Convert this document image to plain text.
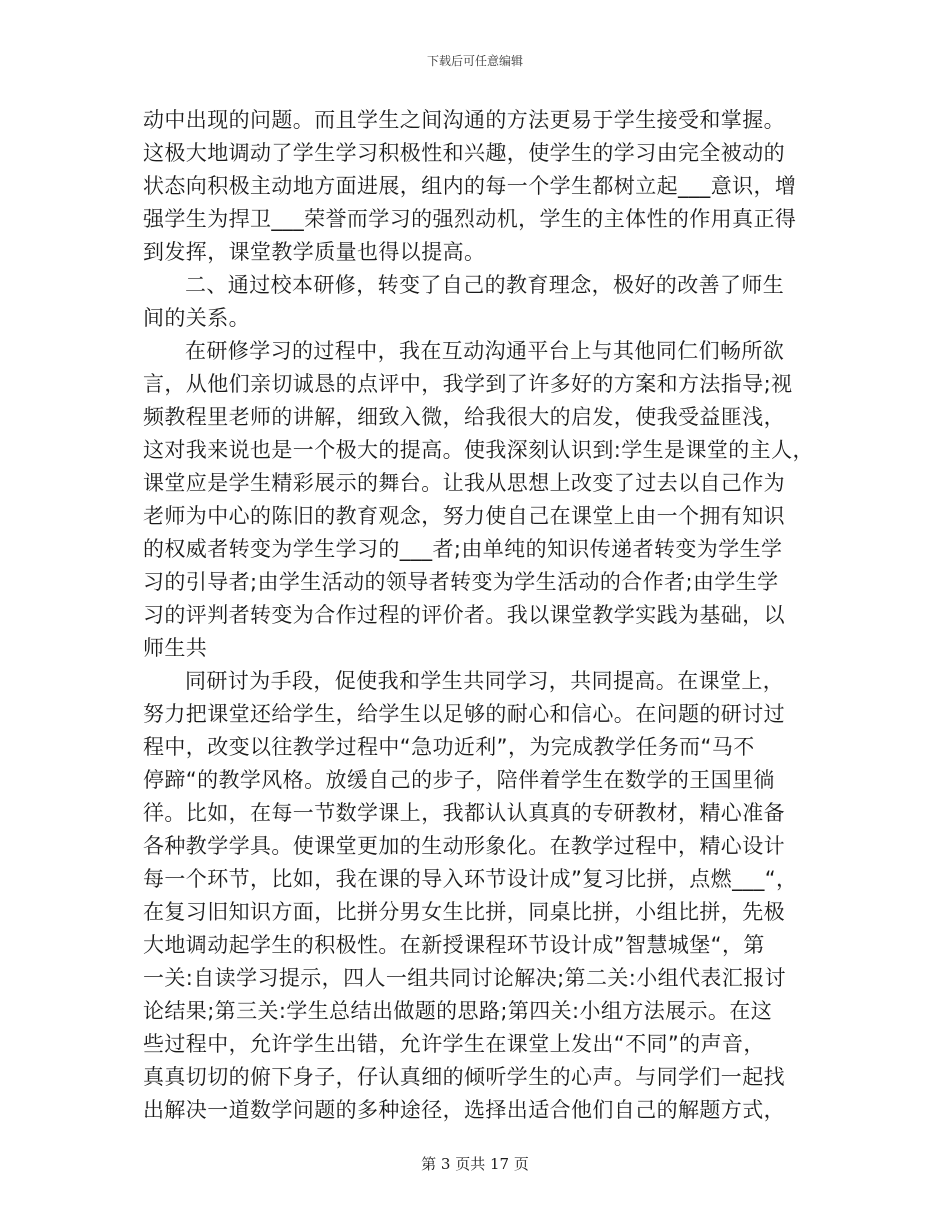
下载后可任意编辑
动中出现的问题。而且学生之间沟通的方法更易于学生接受和掌握。
这极大地调动了学生学习积极性和兴趣，使学生的学习由完全被动的
状态向积极主动地方面进展，组内的每一个学生都树立起___意识，增
强学生为捍卫___荣誉而学习的强烈动机，学生的主体性的作用真正得
到发挥，课堂教学质量也得以提高。
二、通过校本研修，转变了自己的教育理念，极好的改善了师生
间的关系。
在研修学习的过程中，我在互动沟通平台上与其他同仁们畅所欲
言，从他们亲切诚恳的点评中，我学到了许多好的方案和方法指导;视
频教程里老师的讲解，细致入微，给我很大的启发，使我受益匪浅，
这对我来说也是一个极大的提高。使我深刻认识到:学生是课堂的主人，
课堂应是学生精彩展示的舞台。让我从思想上改变了过去以自己作为
老师为中心的陈旧的教育观念，努力使自己在课堂上由一个拥有知识
的权威者转变为学生学习的___者;由单纯的知识传递者转变为学生学
习的引导者;由学生活动的领导者转变为学生活动的合作者;由学生学
习的评判者转变为合作过程的评价者。我以课堂教学实践为基础，以
师生共
同研讨为手段，促使我和学生共同学习，共同提高。在课堂上，
努力把课堂还给学生，给学生以足够的耐心和信心。在问题的研讨过
程中，改变以往教学过程中“急功近利”，为完成教学任务而“马不
停蹄“的教学风格。放缓自己的步子，陪伴着学生在数学的王国里徜
徉。比如，在每一节数学课上，我都认认真真的专研教材，精心准备
各种教学学具。使课堂更加的生动形象化。在教学过程中，精心设计
每一个环节，比如，我在课的导入环节设计成”复习比拼，点燃___“，
在复习旧知识方面，比拼分男女生比拼，同桌比拼，小组比拼，先极
大地调动起学生的积极性。在新授课程环节设计成”智慧城堡“，第
一关:自读学习提示，四人一组共同讨论解决;第二关:小组代表汇报讨
论结果;第三关:学生总结出做题的思路;第四关:小组方法展示。在这
些过程中，允许学生出错，允许学生在课堂上发出“不同”的声音，
真真切切的俯下身子，仔认真细的倾听学生的心声。与同学们一起找
出解决一道数学问题的多种途径，选择出适合他们自己的解题方式，
第 3 页共 17 页
